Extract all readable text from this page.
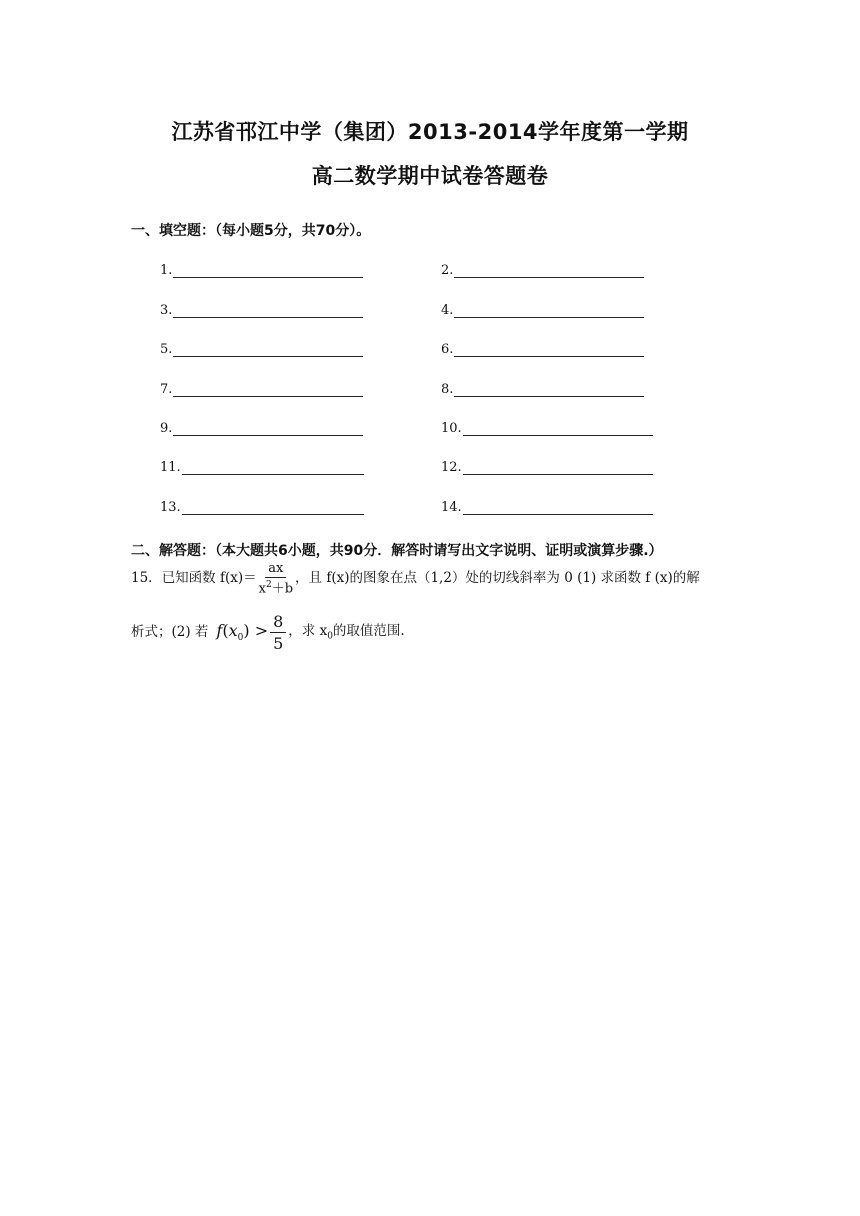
江苏省邗江中学（集团）2013-2014学年度第一学期
高二数学期中试卷答题卷
一、填空题：（每小题5分，共70分）。
1.	2.
3.	4.
5.	6.
7.	8.
9.	10.
11.	12.
13.	14.
二、解答题：（本大题共6小题，共90分．解答时请写出文字说明、证明或演算步骤.）
15． 已知函数 $f(x)= \frac{ax}{x^2+b}$ ，且 f(x)的图象在点（1,2）处的切线斜率为 0 (1) 求函数 f (x)的解
析式；(2) 若 $f(x_0) > \frac{8}{5}$ ，求 $x_0$的取值范围.
